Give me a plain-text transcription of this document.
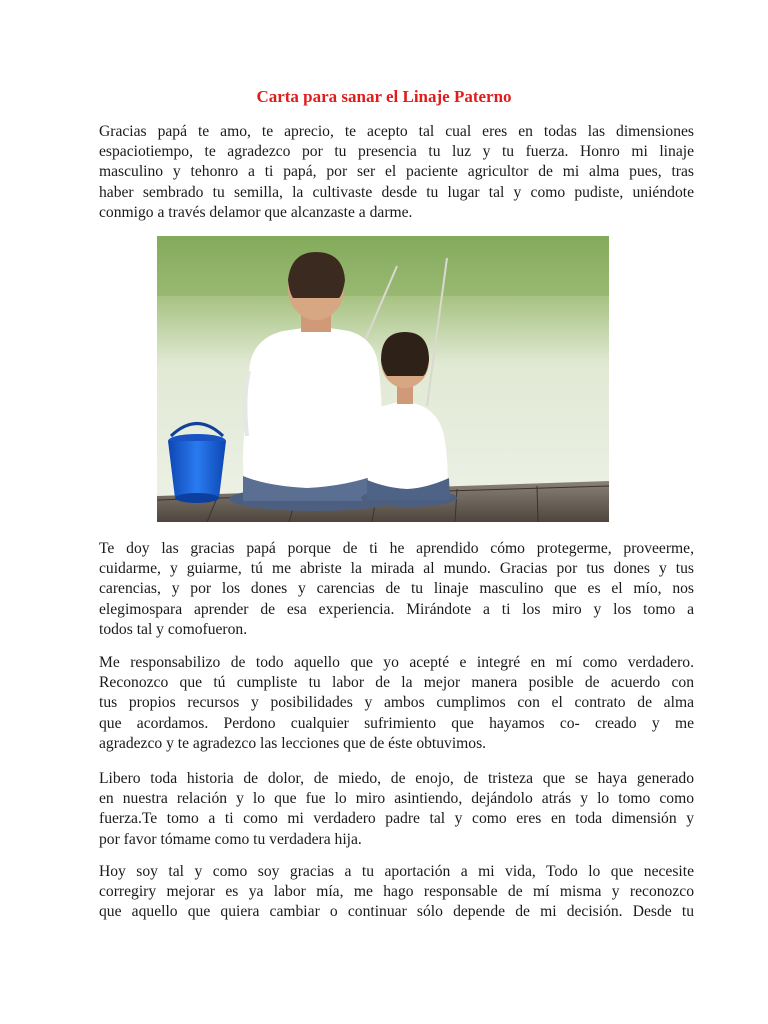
Carta para sanar el Linaje Paterno
Gracias papá te amo, te aprecio, te acepto tal cual eres en todas las dimensiones
espaciotiempo, te agradezco por tu presencia tu luz y tu fuerza. Honro mi linaje
masculino y tehonro a ti papá, por ser el paciente agricultor de mi alma pues, tras
haber sembrado tu semilla, la cultivaste desde tu lugar tal y como pudiste, uniéndote
conmigo a través delamor que alcanzaste a darme.
Te doy las gracias papá porque de ti he aprendido cómo protegerme, proveerme,
cuidarme, y guiarme, tú me abriste la mirada al mundo. Gracias por tus dones y tus
carencias, y por los dones y carencias de tu linaje masculino que es el mío, nos
elegimospara aprender de esa experiencia. Mirándote a ti los miro y los tomo a
todos tal y comofueron.
Me responsabilizo de todo aquello que yo acepté e integré en mí como verdadero.
Reconozco que tú cumpliste tu labor de la mejor manera posible de acuerdo con
tus propios recursos y posibilidades y ambos cumplimos con el contrato de alma
que acordamos. Perdono cualquier sufrimiento que hayamos co- creado y me
agradezco y te agradezco las lecciones que de éste obtuvimos.
Libero toda historia de dolor, de miedo, de enojo, de tristeza que se haya generado
en nuestra relación y lo que fue lo miro asintiendo, dejándolo atrás y lo tomo como
fuerza.Te tomo a ti como mi verdadero padre tal y como eres en toda dimensión y
por favor tómame como tu verdadera hija.
Hoy soy tal y como soy gracias a tu aportación a mi vida, Todo lo que necesite
corregiry mejorar es ya labor mía, me hago responsable de mí misma y reconozco
que aquello que quiera cambiar o continuar sólo depende de mi decisión. Desde tu
